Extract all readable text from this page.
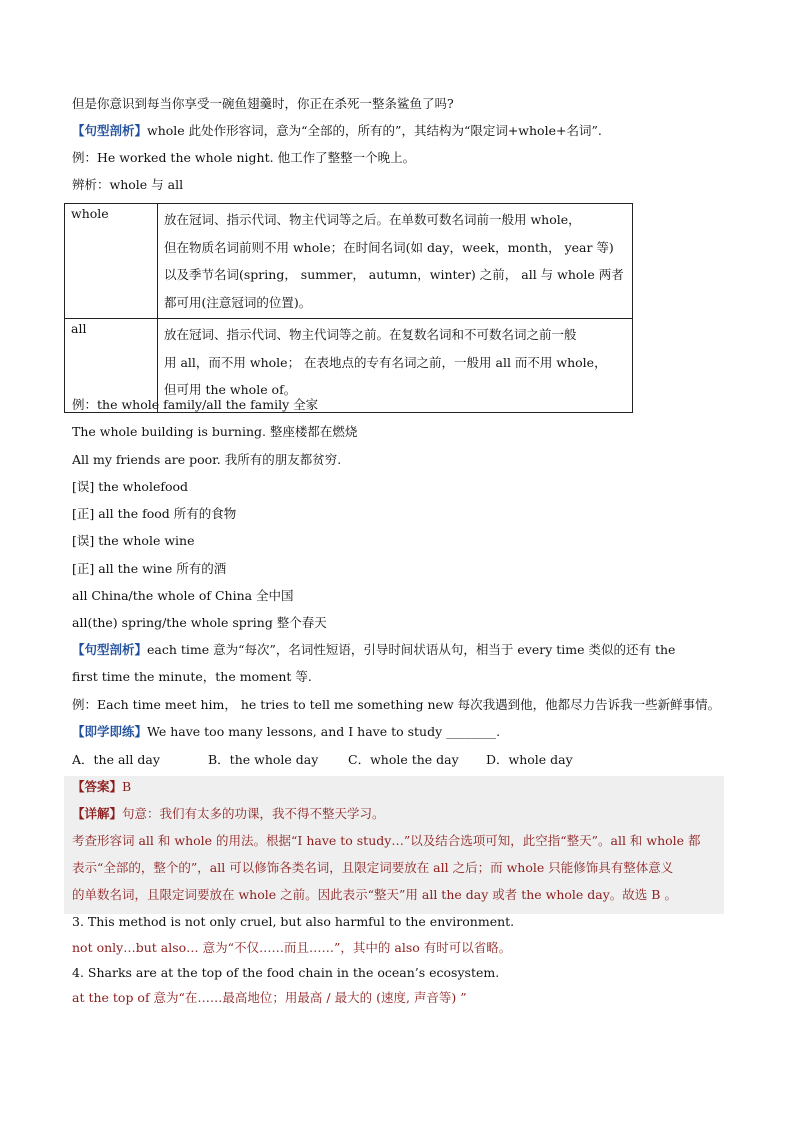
但是你意识到每当你享受一碗鱼翅羹时，你正在杀死一整条鲨鱼了吗?
【句型剖析】whole 此处作形容词，意为“全部的，所有的”，其结构为“限定词+whole+名词”.
例：He worked the whole night. 他工作了整整一个晚上。
辨析：whole 与 all
whole	放在冠词、指示代词、物主代词等之后。在单数可数名词前一般用 whole，
但在物质名词前则不用 whole；在时间名词(如 day，week，month， year 等)
以及季节名词(spring， summer， autumn，winter) 之前， all 与 whole 两者
都可用(注意冠词的位置)。

all	放在冠词、指示代词、物主代词等之前。在复数名词和不可数名词之前一般
用 all，而不用 whole； 在表地点的专有名词之前，一般用 all 而不用 whole，
但可用 the whole of。
例：the whole family/all the family 全家
The whole building is burning. 整座楼都在燃烧
All my friends are poor. 我所有的朋友都贫穷.
[误] the wholefood
[正] all the food 所有的食物
[误] the whole wine
[正] all the wine 所有的酒
all China/the whole of China 全中国
all(the) spring/the whole spring 整个春天
【句型剖析】each time 意为“每次”，名词性短语，引导时间状语从句，相当于 every time 类似的还有 the
first time the minute，the moment 等.
例：Each time meet him， he tries to tell me something new 每次我遇到他，他都尽力告诉我一些新鲜事情。
【即学即练】We have too many lessons, and I have to study ________.
A．the all day	B．the whole day C．whole the day D．whole day
【答案】B
【详解】句意：我们有太多的功课，我不得不整天学习。
考查形容词 all 和 whole 的用法。根据“I have to study…”以及结合选项可知，此空指“整天”。all 和 whole 都
表示“全部的，整个的”，all 可以修饰各类名词，且限定词要放在 all 之后；而 whole 只能修饰具有整体意义
的单数名词，且限定词要放在 whole 之前。因此表示“整天”用 all the day 或者 the whole day。故选 B 。
3. This method is not only cruel, but also harmful to the environment.
not only…but also… 意为“不仅……而且……”，其中的 also 有时可以省略。
4. Sharks are at the top of the food chain in the ocean’s ecosystem.
at the top of 意为“在……最高地位；用最高 / 最大的 (速度, 声音等) ”
